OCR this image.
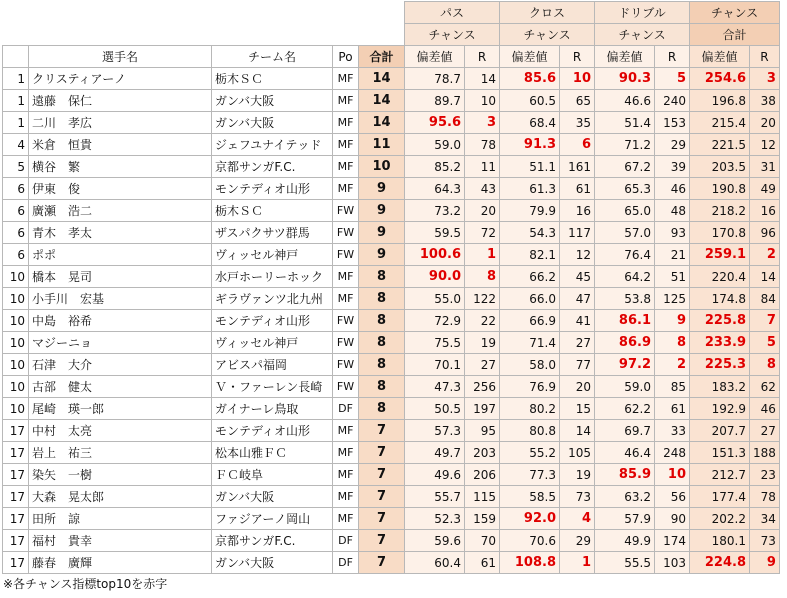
					パス		クロス		ドリブル		チャンス	
					チャンス		チャンス		チャンス		合計	
	選手名	チーム名	Po	合計	偏差値	R	偏差値	R	偏差値	R	偏差値	R
1	クリスティアーノ	栃木ＳＣ	MF	14	78.7	14	85.6	10	90.3	5	254.6	3
1	遠藤　保仁	ガンバ大阪	MF	14	89.7	10	60.5	65	46.6	240	196.8	38
1	二川　孝広	ガンバ大阪	MF	14	95.6	3	68.4	35	51.4	153	215.4	20
4	米倉　恒貴	ジェフユナイテッド	MF	11	59.0	78	91.3	6	71.2	29	221.5	12
5	横谷　繁	京都サンガF.C.	MF	10	85.2	11	51.1	161	67.2	39	203.5	31
6	伊東　俊	モンテディオ山形	MF	9	64.3	43	61.3	61	65.3	46	190.8	49
6	廣瀬　浩二	栃木ＳＣ	FW	9	73.2	20	79.9	16	65.0	48	218.2	16
6	青木　孝太	ザスパクサツ群馬	FW	9	59.5	72	54.3	117	57.0	93	170.8	96
6	ポポ	ヴィッセル神戸	FW	9	100.6	1	82.1	12	76.4	21	259.1	2
10	橋本　晃司	水戸ホーリーホック	MF	8	90.0	8	66.2	45	64.2	51	220.4	14
10	小手川　宏基	ギラヴァンツ北九州	MF	8	55.0	122	66.0	47	53.8	125	174.8	84
10	中島　裕希	モンテディオ山形	FW	8	72.9	22	66.9	41	86.1	9	225.8	7
10	マジーニョ	ヴィッセル神戸	FW	8	75.5	19	71.4	27	86.9	8	233.9	5
10	石津　大介	アビスパ福岡	FW	8	70.1	27	58.0	77	97.2	2	225.3	8
10	古部　健太	Ｖ・ファーレン長崎	FW	8	47.3	256	76.9	20	59.0	85	183.2	62
10	尾崎　瑛一郎	ガイナーレ鳥取	DF	8	50.5	197	80.2	15	62.2	61	192.9	46
17	中村　太亮	モンテディオ山形	MF	7	57.3	95	80.8	14	69.7	33	207.7	27
17	岩上　祐三	松本山雅ＦＣ	MF	7	49.7	203	55.2	105	46.4	248	151.3	188
17	染矢　一樹	ＦＣ岐阜	MF	7	49.6	206	77.3	19	85.9	10	212.7	23
17	大森　晃太郎	ガンバ大阪	MF	7	55.7	115	58.5	73	63.2	56	177.4	78
17	田所　諒	ファジアーノ岡山	MF	7	52.3	159	92.0	4	57.9	90	202.2	34
17	福村　貴幸	京都サンガF.C.	DF	7	59.6	70	70.6	29	49.9	174	180.1	73
17	藤春　廣輝	ガンバ大阪	DF	7	60.4	61	108.8	1	55.5	103	224.8	9
※各チャンス指標top10を赤字
